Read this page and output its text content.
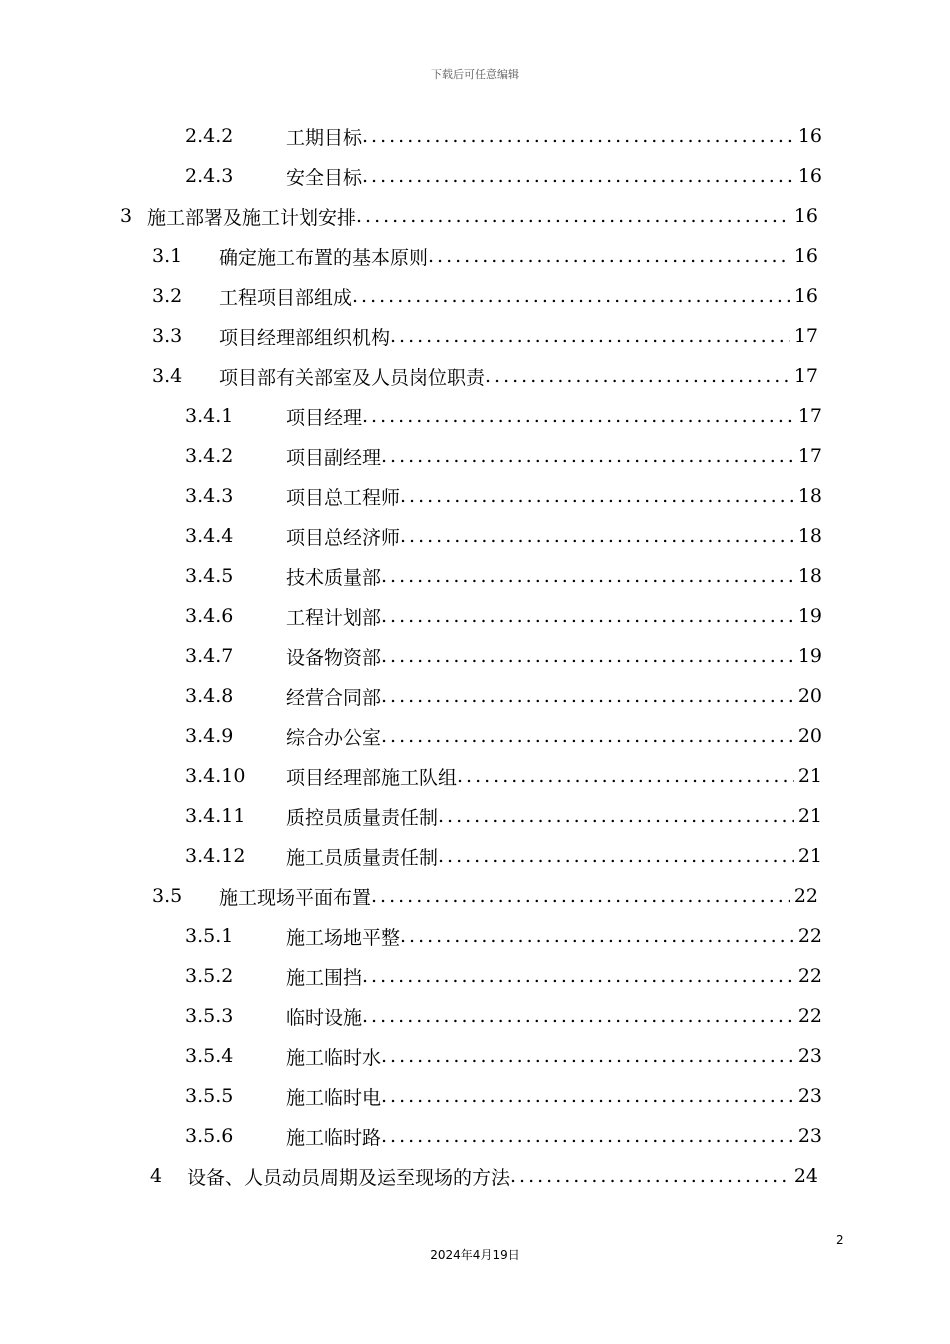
下载后可任意编辑
2.4.2	工期目标 .....	16
2.4.3	安全目标 .....	16
3 施工部署及施工计划安排 .....	16
3.1	确定施工布置的基本原则 .....	16
3.2	工程项目部组成 .....	16
3.3	项目经理部组织机构 .....	17
3.4	项目部有关部室及人员岗位职责 .....	17
3.4.1	项目经理 .....	17
3.4.2	项目副经理 .....	17
3.4.3	项目总工程师 .....	18
3.4.4	项目总经济师 .....	18
3.4.5	技术质量部 .....	18
3.4.6	工程计划部 .....	19
3.4.7	设备物资部 .....	19
3.4.8	经营合同部 .....	20
3.4.9	综合办公室 .....	20
3.4.10	项目经理部施工队组 .....	21
3.4.11	质控员质量责任制 .....	21
3.4.12	施工员质量责任制 .....	21
3.5	施工现场平面布置 .....	22
3.5.1	施工场地平整 .....	22
3.5.2	施工围挡 .....	22
3.5.3	临时设施 .....	22
3.5.4	施工临时水 .....	23
3.5.5	施工临时电 .....	23
3.5.6	施工临时路 .....	23
4	设备、人员动员周期及运至现场的方法 .....	24
2
2024年4月19日
